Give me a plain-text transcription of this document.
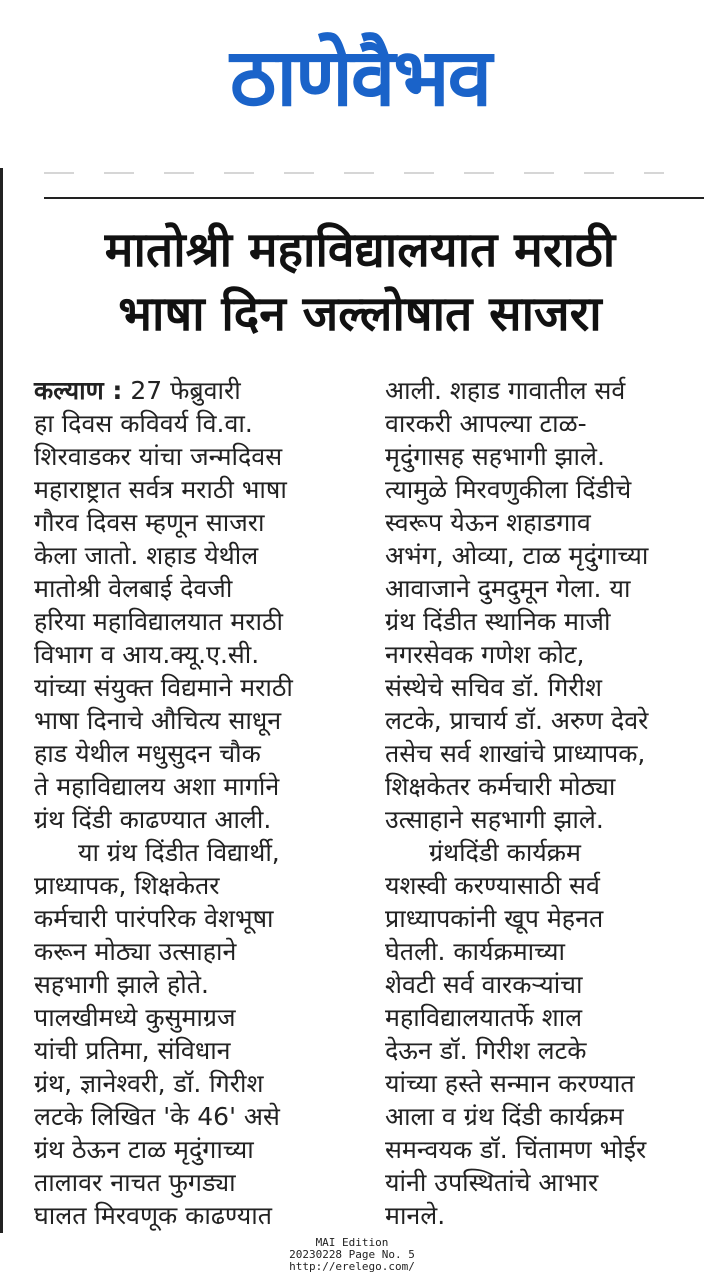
ठाणेवैभव
मातोश्री महाविद्यालयात मराठी
भाषा दिन जल्लोषात साजरा

कल्याण : 27 फेब्रुवारी

हा दिवस कविवर्य वि.वा.

शिरवाडकर यांचा जन्मदिवस

महाराष्ट्रात सर्वत्र मराठी भाषा

गौरव दिवस म्हणून साजरा

केला जातो. शहाड येथील

मातोश्री वेलबाई देवजी

हरिया महाविद्यालयात मराठी

विभाग व आय.क्यू.ए.सी.

यांच्या संयुक्त विद्यमाने मराठी

भाषा दिनाचे औचित्य साधून

हाड येथील मधुसुदन चौक

ते महाविद्यालय अशा मार्गाने

ग्रंथ दिंडी काढण्यात आली.

या ग्रंथ दिंडीत विद्यार्थी,

प्राध्यापक, शिक्षकेतर

कर्मचारी पारंपरिक वेशभूषा

करून मोठ्या उत्साहाने

सहभागी झाले होते.

पालखीमध्ये कुसुमाग्रज

यांची प्रतिमा, संविधान

ग्रंथ, ज्ञानेश्वरी, डॉ. गिरीश

लटके लिखित 'के 46' असे

ग्रंथ ठेऊन टाळ मृदुंगाच्या

तालावर नाचत फुगड्या

घालत मिरवणूक काढण्यात

आली. शहाड गावातील सर्व

वारकरी आपल्या टाळ-

मृदुंगासह सहभागी झाले.

त्यामुळे मिरवणुकीला दिंडीचे

स्वरूप येऊन शहाडगाव

अभंग, ओव्या, टाळ मृदुंगाच्या

आवाजाने दुमदुमून गेला. या

ग्रंथ दिंडीत स्थानिक माजी

नगरसेवक गणेश कोट,

संस्थेचे सचिव डॉ. गिरीश

लटके, प्राचार्य डॉ. अरुण देवरे

तसेच सर्व शाखांचे प्राध्यापक,

शिक्षकेतर कर्मचारी मोठ्या

उत्साहाने सहभागी झाले.

ग्रंथदिंडी कार्यक्रम

यशस्वी करण्यासाठी सर्व

प्राध्यापकांनी खूप मेहनत

घेतली. कार्यक्रमाच्या

शेवटी सर्व वारकऱ्यांचा

महाविद्यालयातर्फे शाल

देऊन डॉ. गिरीश लटके

यांच्या हस्ते सन्मान करण्यात

आला व ग्रंथ दिंडी कार्यक्रम

समन्वयक डॉ. चिंतामण भोईर

यांनी उपस्थितांचे आभार

मानले.

MAI Edition
20230228 Page No. 5
http://erelego.com/
